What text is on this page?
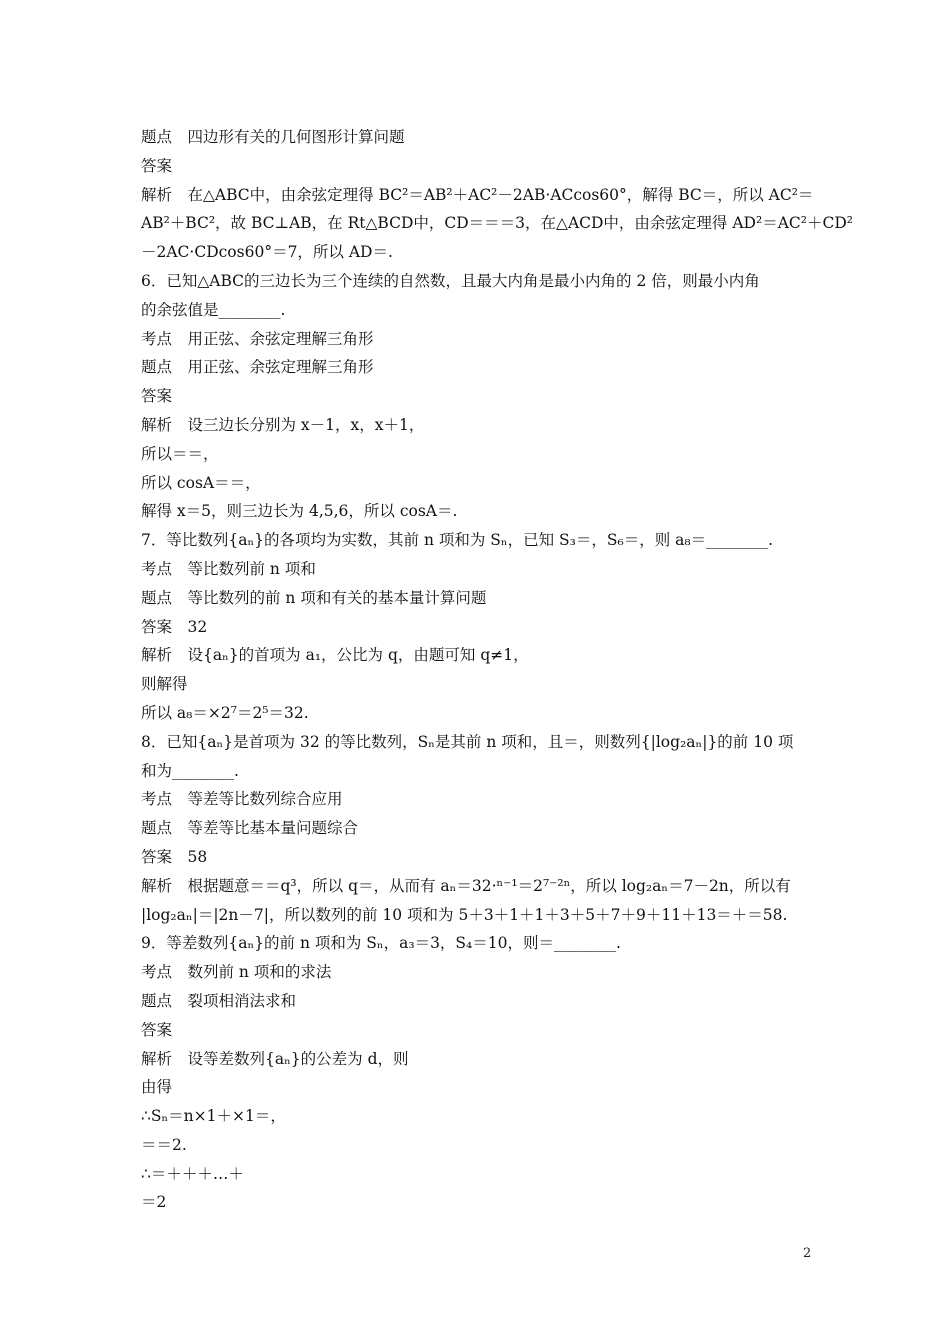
题点　四边形有关的几何图形计算问题
答案
解析　在△ABC中，由余弦定理得 BC²＝AB²＋AC²－2AB·ACcos60°，解得 BC＝，所以 AC²＝
AB²＋BC²，故 BC⊥AB，在 Rt△BCD中，CD＝＝＝3，在△ACD中，由余弦定理得 AD²＝AC²＋CD²
－2AC·CDcos60°＝7，所以 AD＝.
6．已知△ABC的三边长为三个连续的自然数，且最大内角是最小内角的 2 倍，则最小内角
的余弦值是________.
考点　用正弦、余弦定理解三角形
题点　用正弦、余弦定理解三角形
答案
解析　设三边长分别为 x－1，x，x＋1，
所以＝＝，
所以 cosA＝＝，
解得 x＝5，则三边长为 4,5,6，所以 cosA＝.
7．等比数列{aₙ}的各项均为实数，其前 n 项和为 Sₙ，已知 S₃＝，S₆＝，则 a₈＝________.
考点　等比数列前 n 项和
题点　等比数列的前 n 项和有关的基本量计算问题
答案　32
解析　设{aₙ}的首项为 a₁，公比为 q，由题可知 q≠1，
则解得
所以 a₈＝×2⁷＝2⁵＝32.
8．已知{aₙ}是首项为 32 的等比数列，Sₙ是其前 n 项和，且＝，则数列{|log₂aₙ|}的前 10 项
和为________.
考点　等差等比数列综合应用
题点　等差等比基本量问题综合
答案　58
解析　根据题意＝＝q³，所以 q＝，从而有 aₙ＝32·ⁿ⁻¹＝2⁷⁻²ⁿ，所以 log₂aₙ＝7－2n，所以有
|log₂aₙ|＝|2n－7|，所以数列的前 10 项和为 5＋3＋1＋1＋3＋5＋7＋9＋11＋13＝＋＝58.
9．等差数列{aₙ}的前 n 项和为 Sₙ，a₃＝3，S₄＝10，则＝________.
考点　数列前 n 项和的求法
题点　裂项相消法求和
答案
解析　设等差数列{aₙ}的公差为 d，则
由得
∴Sₙ＝n×1＋×1＝，
＝＝2.
∴＝＋＋＋…＋
＝2
2
